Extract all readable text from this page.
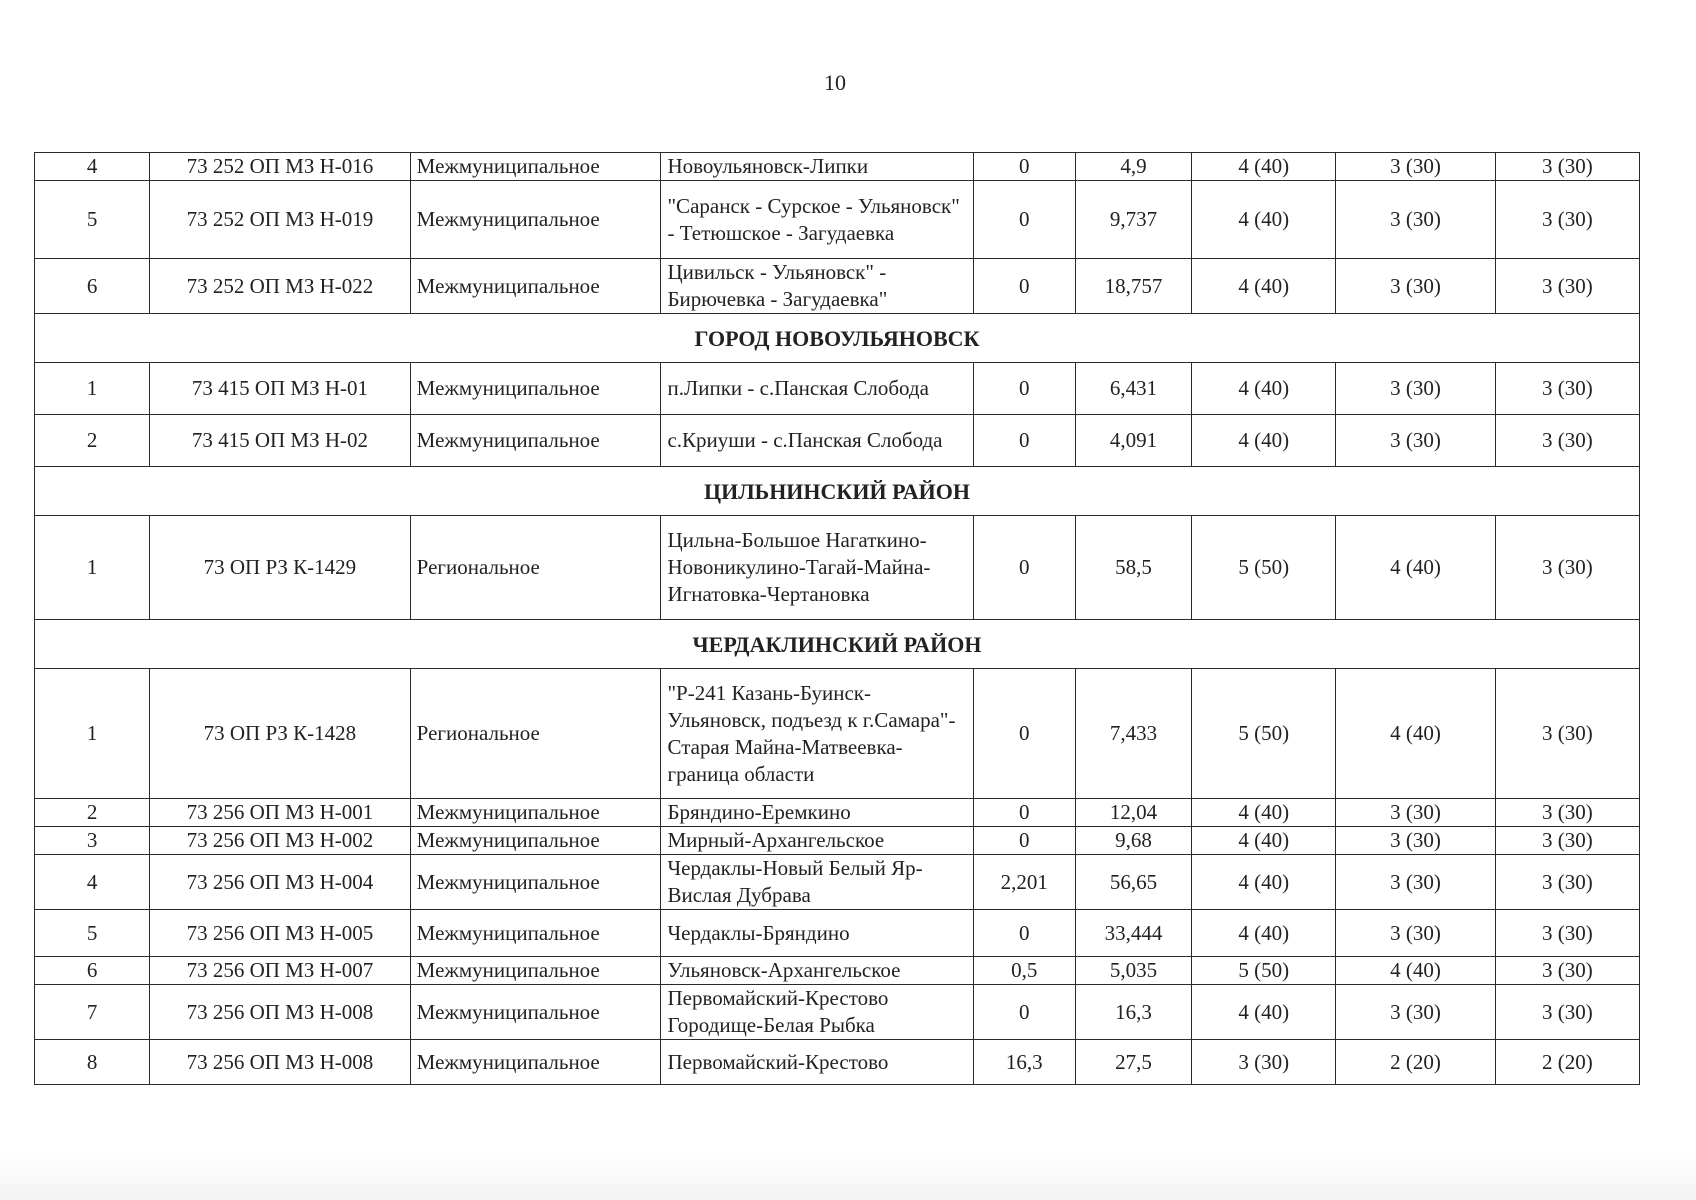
10
4	73 252 ОП МЗ Н-016	Межмуниципальное	Новоульяновск-Липки	0	4,9	4 (40)	3 (30)	3 (30)
5	73 252 ОП МЗ Н-019	Межмуниципальное	"Саранск - Сурское - Ульяновск" - Тетюшское - Загудаевка	0	9,737	4 (40)	3 (30)	3 (30)
6	73 252 ОП МЗ Н-022	Межмуниципальное	Цивильск - Ульяновск" - Бирючевка - Загудаевка"	0	18,757	4 (40)	3 (30)	3 (30)
ГОРОД НОВОУЛЬЯНОВСК								
1	73 415 ОП МЗ Н-01	Межмуниципальное	п.Липки - с.Панская Слобода	0	6,431	4 (40)	3 (30)	3 (30)
2	73 415 ОП МЗ Н-02	Межмуниципальное	с.Криуши - с.Панская Слобода	0	4,091	4 (40)	3 (30)	3 (30)
ЦИЛЬНИНСКИЙ РАЙОН								
1	73 ОП РЗ К-1429	Региональное	Цильна-Большое Нагаткино-Новоникулино-Тагай-Майна-Игнатовка-Чертановка	0	58,5	5 (50)	4 (40)	3 (30)
ЧЕРДАКЛИНСКИЙ РАЙОН								
1	73 ОП РЗ К-1428	Региональное	"Р-241 Казань-Буинск-Ульяновск, подъезд к г.Самара"-Старая Майна-Матвеевка-граница области	0	7,433	5 (50)	4 (40)	3 (30)
2	73 256 ОП МЗ Н-001	Межмуниципальное	Бряндино-Еремкино	0	12,04	4 (40)	3 (30)	3 (30)
3	73 256 ОП МЗ Н-002	Межмуниципальное	Мирный-Архангельское	0	9,68	4 (40)	3 (30)	3 (30)
4	73 256 ОП МЗ Н-004	Межмуниципальное	Чердаклы-Новый Белый Яр-Вислая Дубрава	2,201	56,65	4 (40)	3 (30)	3 (30)
5	73 256 ОП МЗ Н-005	Межмуниципальное	Чердаклы-Бряндино	0	33,444	4 (40)	3 (30)	3 (30)
6	73 256 ОП МЗ Н-007	Межмуниципальное	Ульяновск-Архангельское	0,5	5,035	5 (50)	4 (40)	3 (30)
7	73 256 ОП МЗ Н-008	Межмуниципальное	Первомайский-Крестово Городище-Белая Рыбка	0	16,3	4 (40)	3 (30)	3 (30)
8	73 256 ОП МЗ Н-008	Межмуниципальное	Первомайский-Крестово	16,3	27,5	3 (30)	2 (20)	2 (20)
